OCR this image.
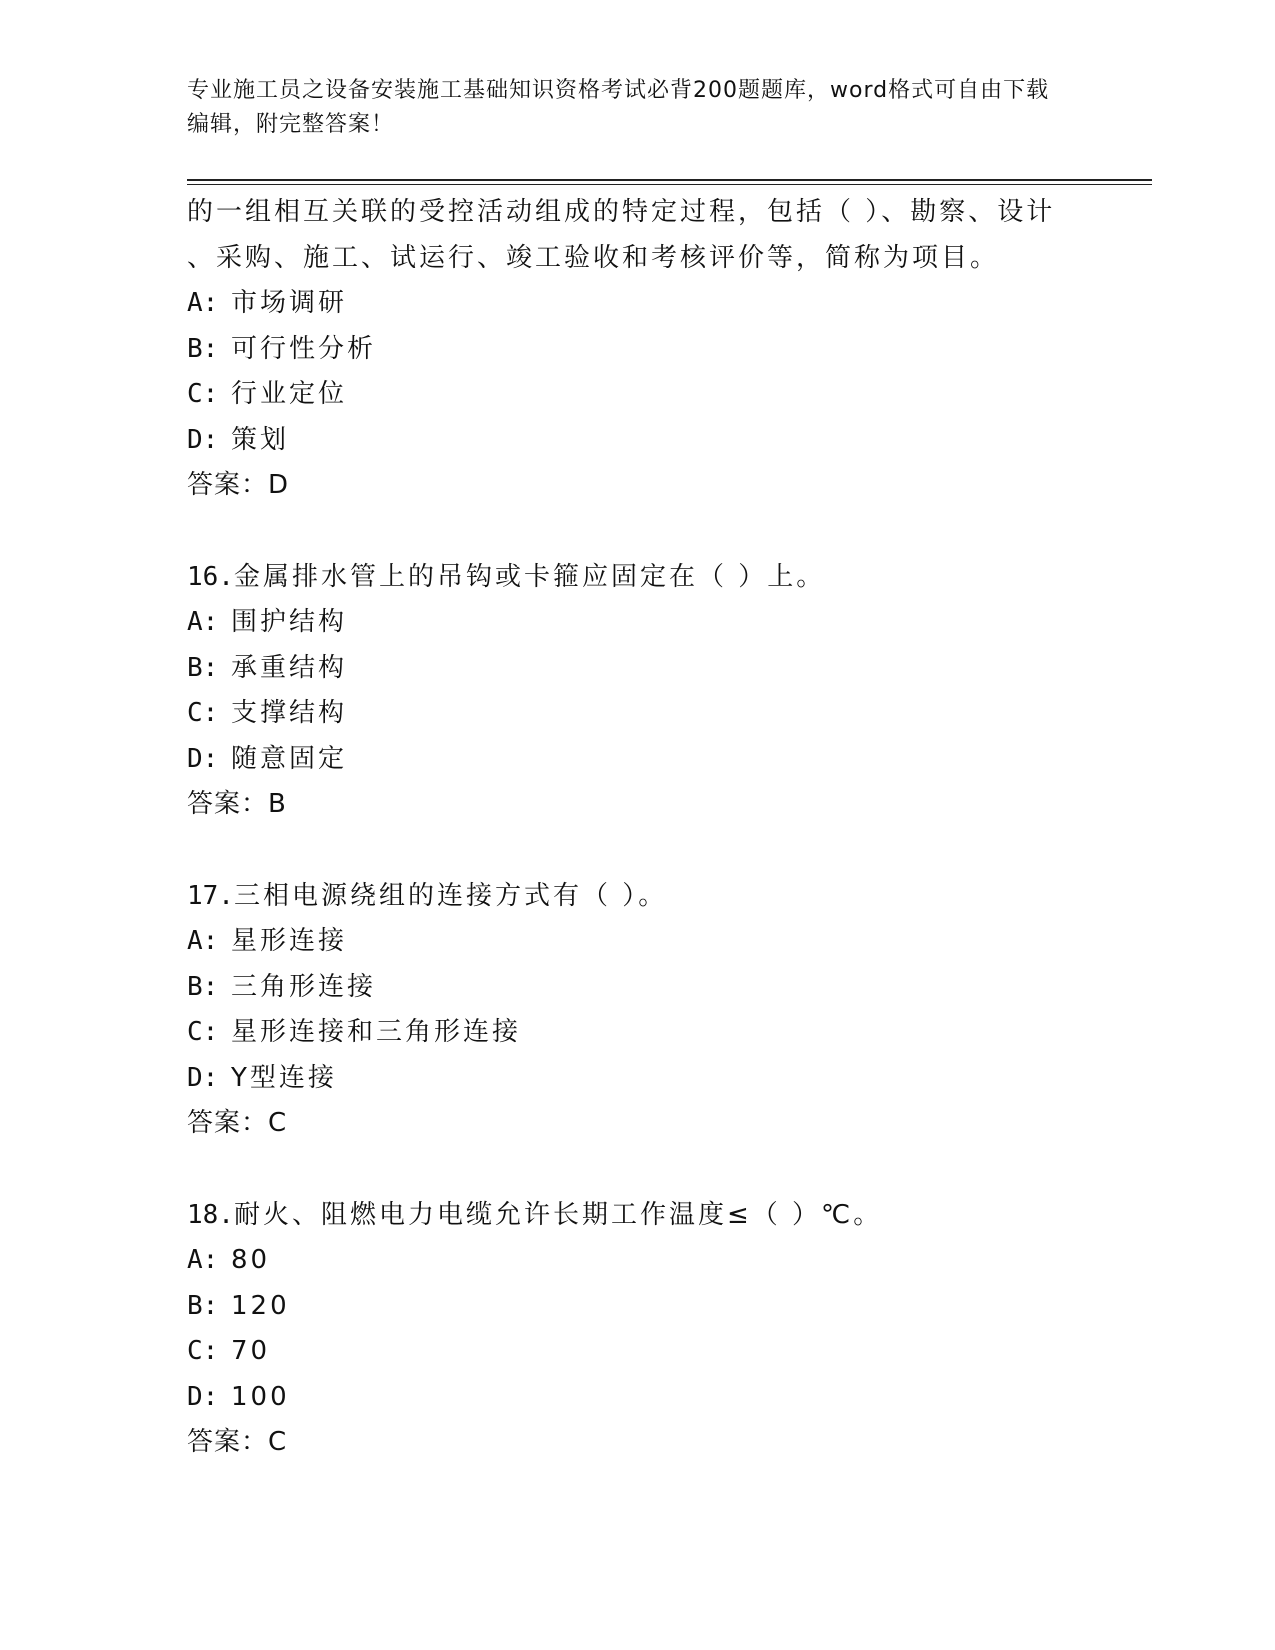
专业施工员之设备安装施工基础知识资格考试必背200题题库，word格式可自由下载编辑，附完整答案！
的一组相互关联的受控活动组成的特定过程，包括（ ）、勘察、设计
、采购、施工、试运行、竣工验收和考核评价等，简称为项目。
A: 市场调研
B: 可行性分析
C: 行业定位
D: 策划
答案：D
16.金属排水管上的吊钩或卡箍应固定在（ ）上。
A: 围护结构
B: 承重结构
C: 支撑结构
D: 随意固定
答案：B
17.三相电源绕组的连接方式有（ ）。
A: 星形连接
B: 三角形连接
C: 星形连接和三角形连接
D: Y型连接
答案：C
18.耐火、阻燃电力电缆允许长期工作温度≤（ ）℃。
A: 80
B: 120
C: 70
D: 100
答案：C
